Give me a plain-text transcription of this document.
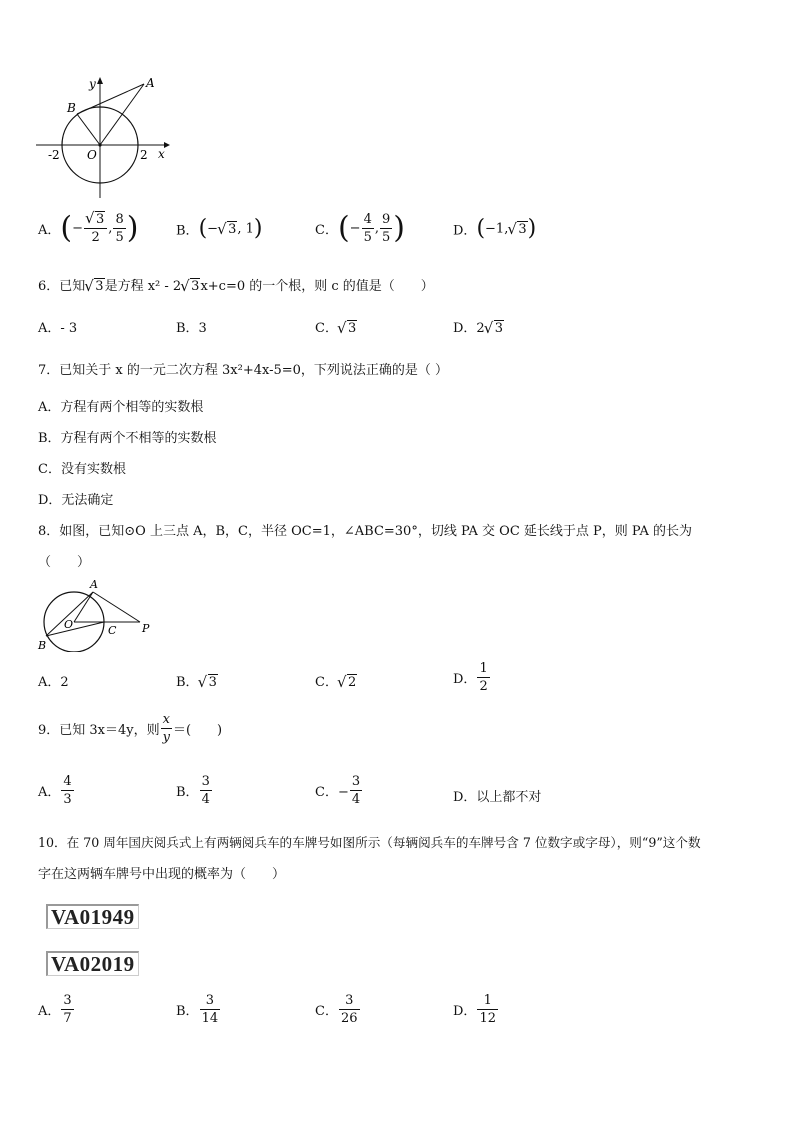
y	A
B
-2 O	2 x
A．(− √ $\frac{3}{2}$ , $\frac{8}{5}$ )	B．(− √ 3, 1)	C．(− $\frac{4}{5}$ , $\frac{9}{5}$ )	D．(−1, √ 3)
6．已知 √ 3是方程 x² - 2 √ 3x+c=0 的一个根，则 c 的值是（　　）
A．- 3	B．3	C． √ 3	D．2 √ 3
7．已知关于 x 的一元二次方程 3x²+4x-5=0，下列说法正确的是（ ）
A．方程有两个相等的实数根
B．方程有两个不相等的实数根
C．没有实数根
D．无法确定
8．如图，已知⊙O 上三点 A，B，C，半径 OC=1，∠ABC=30°，切线 PA 交 OC 延长线于点 P，则 PA 的长为
（　　）
A
O	C P
B
A．2	B． √ 3	C． √ 2	D． $\frac{1}{2}$
9．已知 3x＝4y，则 $\frac{x}{y}$ ＝(　　)
A． $\frac{4}{3}$	B． $\frac{3}{4}$	C．− $\frac{3}{4}$	D．以上都不对
10．在 70 周年国庆阅兵式上有两辆阅兵车的车牌号如图所示（每辆阅兵车的车牌号含 7 位数字或字母），则“9”这个数
字在这两辆车牌号中出现的概率为（　　）
VA01949
VA02019
A． $\frac{3}{7}$	B． $\frac{3}{14}$	C． $\frac{3}{26}$	D． $\frac{1}{12}$
